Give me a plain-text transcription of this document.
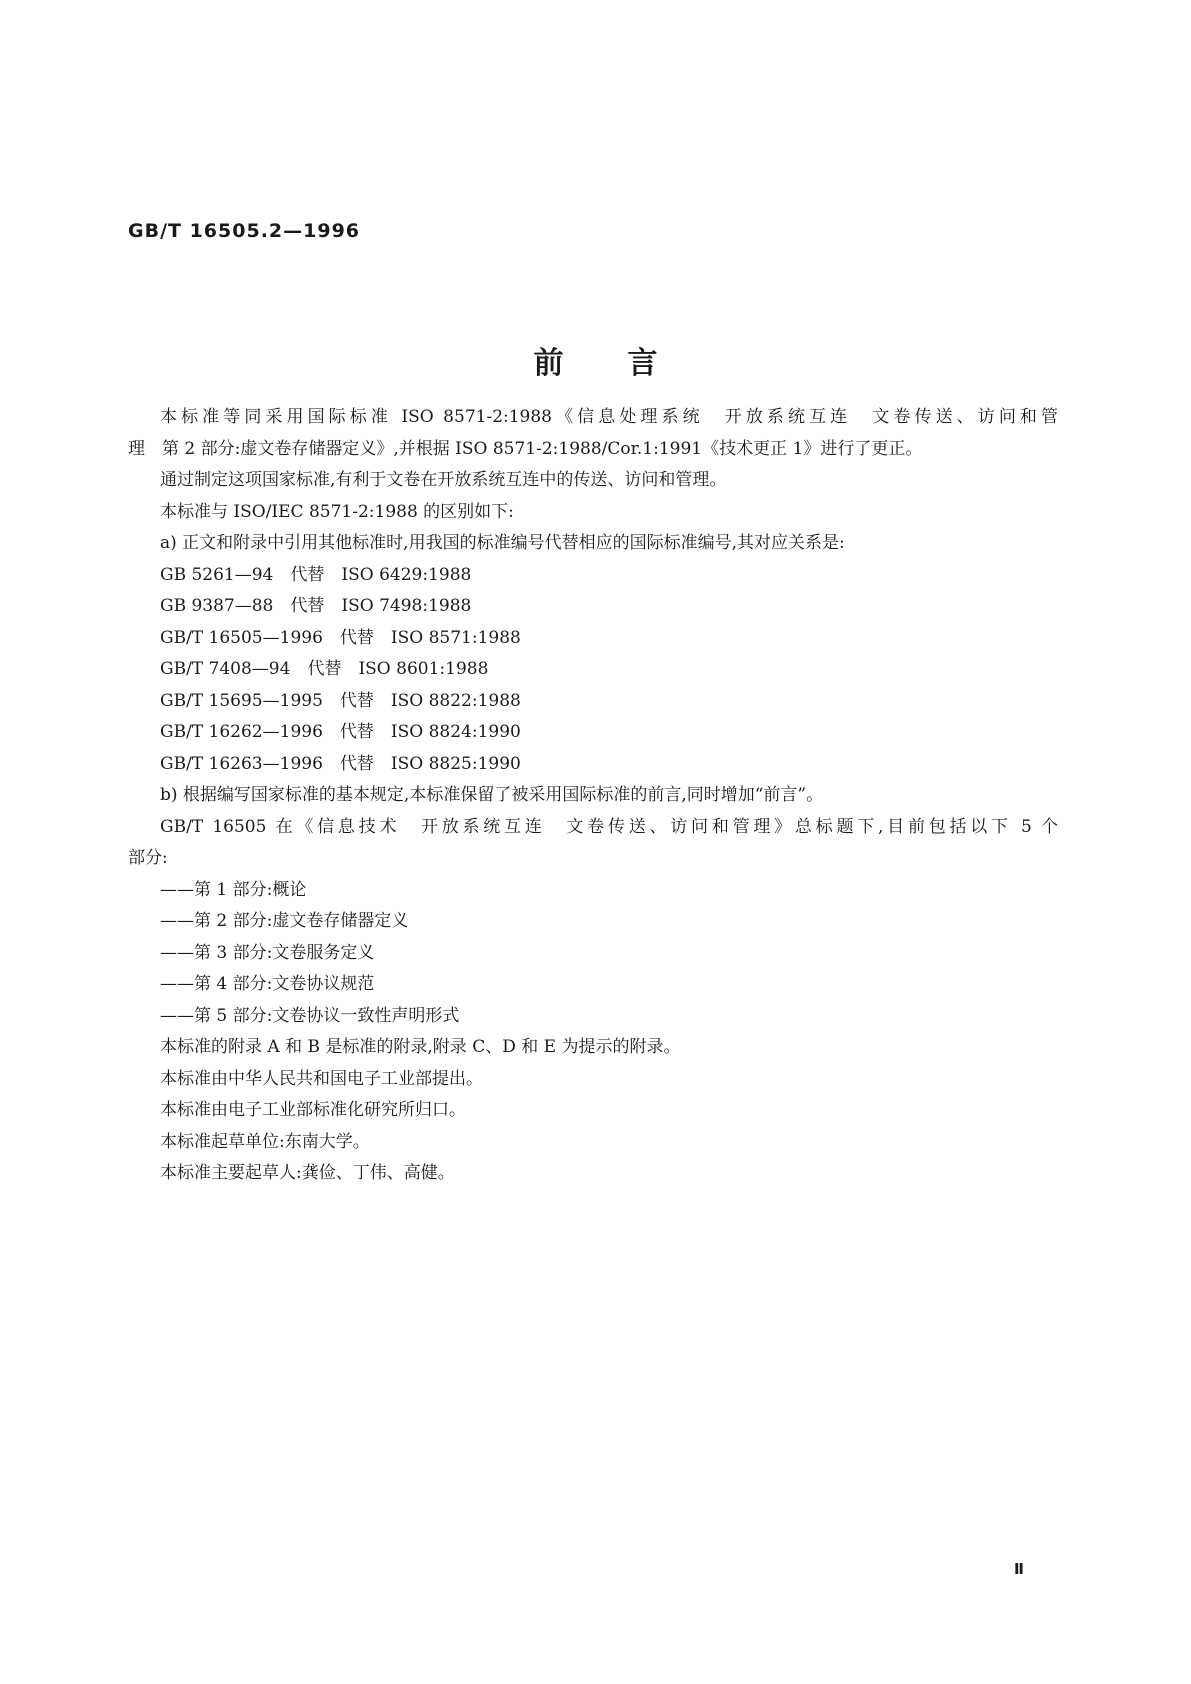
GB/T 16505.2—1996
前言
本标准等同采用国际标准 ISO 8571-2:1988《信息处理系统　开放系统互连　文卷传送、访问和管
理　第 2 部分:虚文卷存储器定义》,并根据 ISO 8571-2:1988/Cor.1:1991《技术更正 1》进行了更正。
通过制定这项国家标准,有利于文卷在开放系统互连中的传送、访问和管理。
本标准与 ISO/IEC 8571-2:1988 的区别如下:
a) 正文和附录中引用其他标准时,用我国的标准编号代替相应的国际标准编号,其对应关系是:
GB 5261—94　代替　ISO 6429:1988
GB 9387—88　代替　ISO 7498:1988
GB/T 16505—1996　代替　ISO 8571:1988
GB/T 7408—94　代替　ISO 8601:1988
GB/T 15695—1995　代替　ISO 8822:1988
GB/T 16262—1996　代替　ISO 8824:1990
GB/T 16263—1996　代替　ISO 8825:1990
b) 根据编写国家标准的基本规定,本标准保留了被采用国际标准的前言,同时增加“前言”。
GB/T 16505 在《信息技术　开放系统互连　文卷传送、访问和管理》总标题下,目前包括以下 5 个
部分:
——第 1 部分:概论
——第 2 部分:虚文卷存储器定义
——第 3 部分:文卷服务定义
——第 4 部分:文卷协议规范
——第 5 部分:文卷协议一致性声明形式
本标准的附录 A 和 B 是标准的附录,附录 C、D 和 E 为提示的附录。
本标准由中华人民共和国电子工业部提出。
本标准由电子工业部标准化研究所归口。
本标准起草单位:东南大学。
本标准主要起草人:龚俭、丁伟、高健。
Ⅱ
